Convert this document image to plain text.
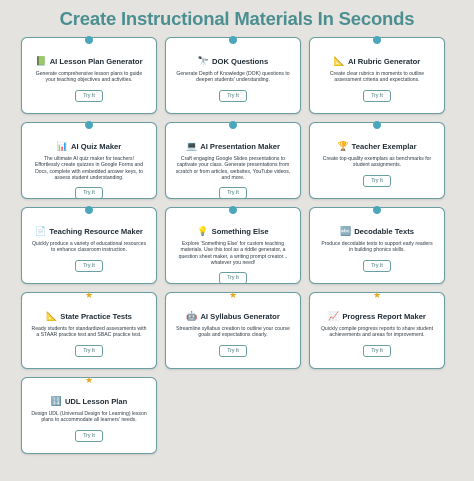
Create Instructional Materials In Seconds
📗 AI Lesson Plan Generator
Generate comprehensive lesson plans to guide your teaching objectives and activities.
Try It
🔭 DOK Questions
Generate Depth of Knowledge (DOK) questions to deepen students' understanding.
Try It
📐 AI Rubric Generator
Create clear rubrics in moments to outline assessment criteria and expectations.
Try It
📊 AI Quiz Maker
The ultimate AI quiz maker for teachers! Effortlessly create quizzes in Google Forms and Docs, complete with embedded answer keys, to assess student understanding.
Try It
💻 AI Presentation Maker
Craft engaging Google Slides presentations to captivate your class. Generate presentations from scratch or from articles, websites, YouTube videos, and more.
Try It
🏆 Teacher Exemplar
Create top-quality exemplars as benchmarks for student assignments.
Try It
📄 Teaching Resource Maker
Quickly produce a variety of educational resources to enhance classroom instruction.
Try It
💡 Something Else
Explore 'Something Else' for custom teaching materials. Use this tool as a riddle generator, a question sheet maker, a writing prompt creator... whatever you need!
Try It
🔤 Decodable Texts
Produce decodable texts to support early readers in building phonics skills.
Try It
★
📐 State Practice Tests
Ready students for standardized assessments with a STAAR practice test and SBAC practice test.
Try It
★
🤖 AI Syllabus Generator
Streamline syllabus creation to outline your course goals and expectations clearly.
Try It
★
📈 Progress Report Maker
Quickly compile progress reports to share student achievements and areas for improvement.
Try It
★
🔢 UDL Lesson Plan
Design UDL (Universal Design for Learning) lesson plans to accommodate all learners' needs.
Try It
